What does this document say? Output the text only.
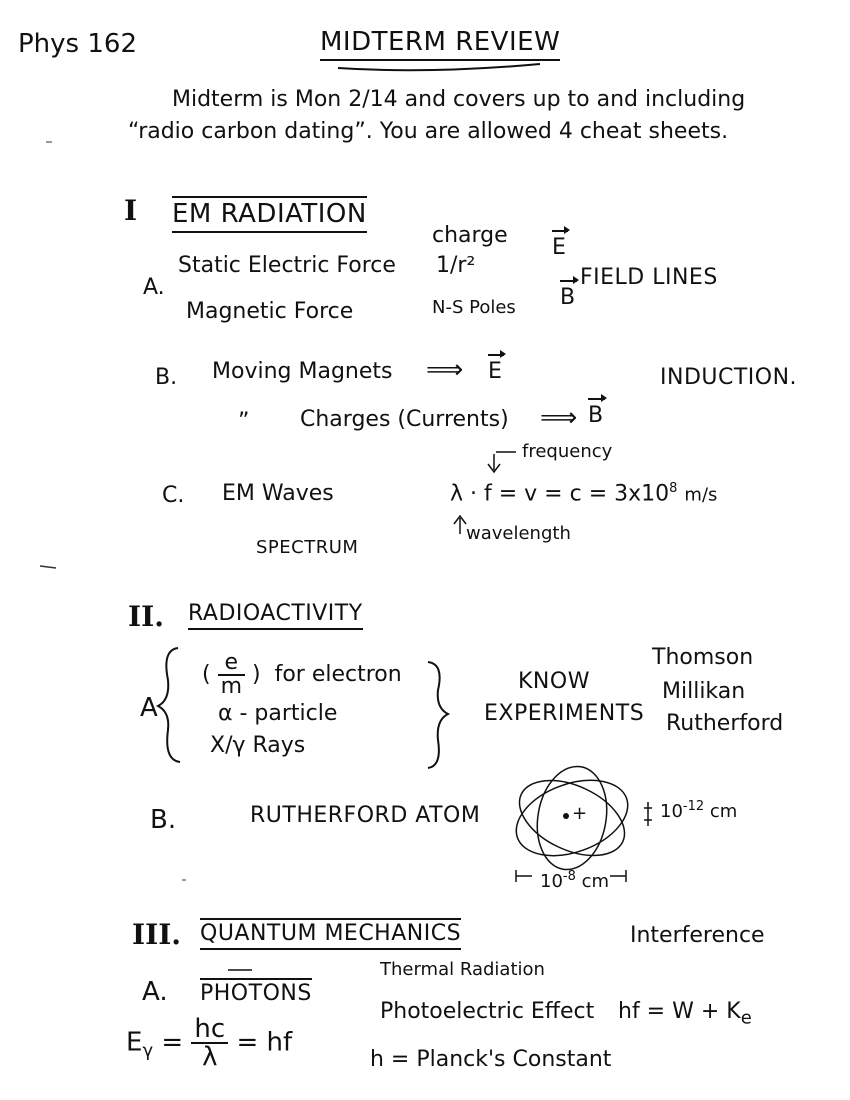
Phys 162	MIDTERM REVIEW
Midterm is Mon 2/14 and covers up to and including
“radio carbon dating”. You are allowed 4 cheat sheets.
I EM RADIATION
A.
Static Electric Force
Magnetic Force
charge
1/r²
N-S Poles
E
B
FIELD LINES
B. Moving Magnets ⟹ E	INDUCTION.
” Charges (Currents) ⟹ B
C. EM Waves
frequency
$\lambda \cdot f = v = c = 3x10^8$ m/s
wavelength
SPECTRUM
II. RADIOACTIVITY
A
( $\frac{e}{m}$ )  for electron
α - particle
X/γ Rays
KNOW
EXPERIMENTS
Thomson
Millikan
Rutherford
B.	RUTHERFORD ATOM	+	$10^{-12}$ cm
$10^{-8}$ cm
III. QUANTUM MECHANICS	Interference
A. PHOTONS
Thermal Radiation
Photoelectric Effect hf = $W + K_e$
$E_\gamma = \frac{hc}{\lambda}$ = hf
h = Planck's Constant
